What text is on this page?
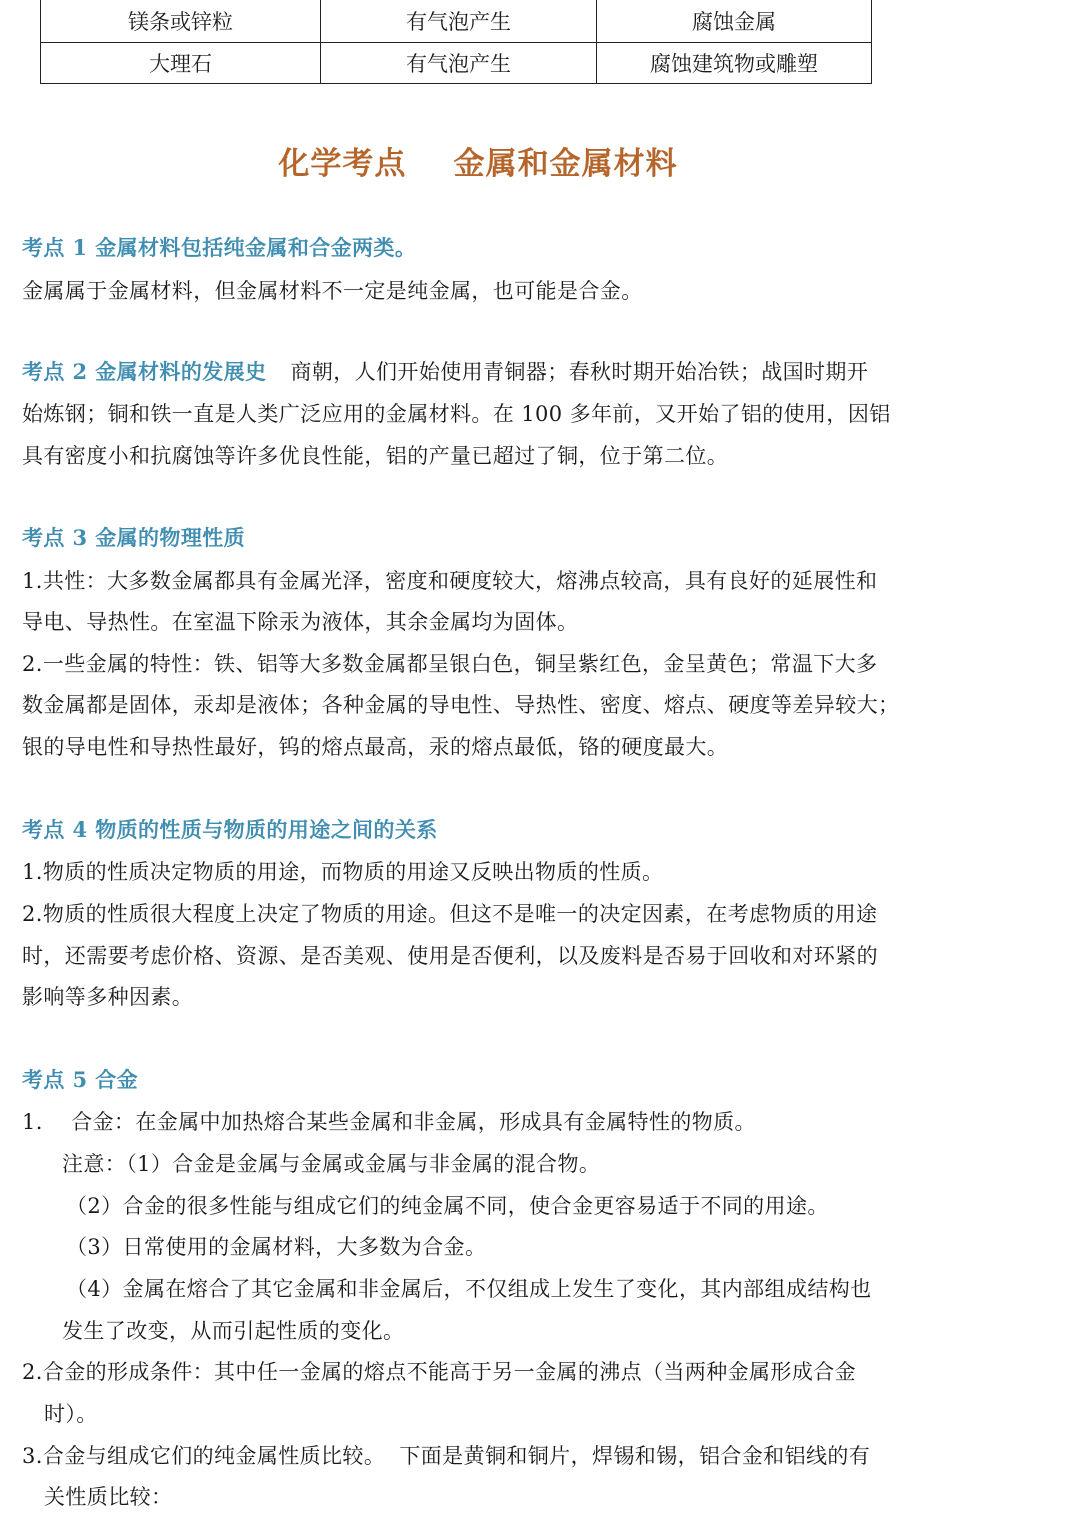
镁条或锌粒	有气泡产生	腐蚀金属
大理石	有气泡产生	腐蚀建筑物或雕塑
化学考点    金属和金属材料
考点 1 金属材料包括纯金属和合金两类。
金属属于金属材料，但金属材料不一定是纯金属，也可能是合金。
考点 2 金属材料的发展史 商朝，人们开始使用青铜器；春秋时期开始冶铁；战国时期开
始炼钢；铜和铁一直是人类广泛应用的金属材料。在 100 多年前，又开始了铝的使用，因铝
具有密度小和抗腐蚀等许多优良性能，铝的产量已超过了铜，位于第二位。
考点 3 金属的物理性质
1.共性：大多数金属都具有金属光泽，密度和硬度较大，熔沸点较高，具有良好的延展性和
导电、导热性。在室温下除汞为液体，其余金属均为固体。
2.一些金属的特性：铁、铝等大多数金属都呈银白色，铜呈紫红色，金呈黄色；常温下大多
数金属都是固体，汞却是液体；各种金属的导电性、导热性、密度、熔点、硬度等差异较大；
银的导电性和导热性最好，钨的熔点最高，汞的熔点最低，铬的硬度最大。
考点 4 物质的性质与物质的用途之间的关系
1.物质的性质决定物质的用途，而物质的用途又反映出物质的性质。
2.物质的性质很大程度上决定了物质的用途。但这不是唯一的决定因素，在考虑物质的用途
时，还需要考虑价格、资源、是否美观、使用是否便利，以及废料是否易于回收和对环紧的
影响等多种因素。
考点 5 合金
1.    合金：在金属中加热熔合某些金属和非金属，形成具有金属特性的物质。
注意：（1）合金是金属与金属或金属与非金属的混合物。
（2）合金的很多性能与组成它们的纯金属不同，使合金更容易适于不同的用途。
（3）日常使用的金属材料，大多数为合金。
（4）金属在熔合了其它金属和非金属后，不仅组成上发生了变化，其内部组成结构也
发生了改变，从而引起性质的变化。
2.合金的形成条件：其中任一金属的熔点不能高于另一金属的沸点（当两种金属形成合金
时）。
3.合金与组成它们的纯金属性质比较。  下面是黄铜和铜片，焊锡和锡，铝合金和铝线的有
关性质比较：
